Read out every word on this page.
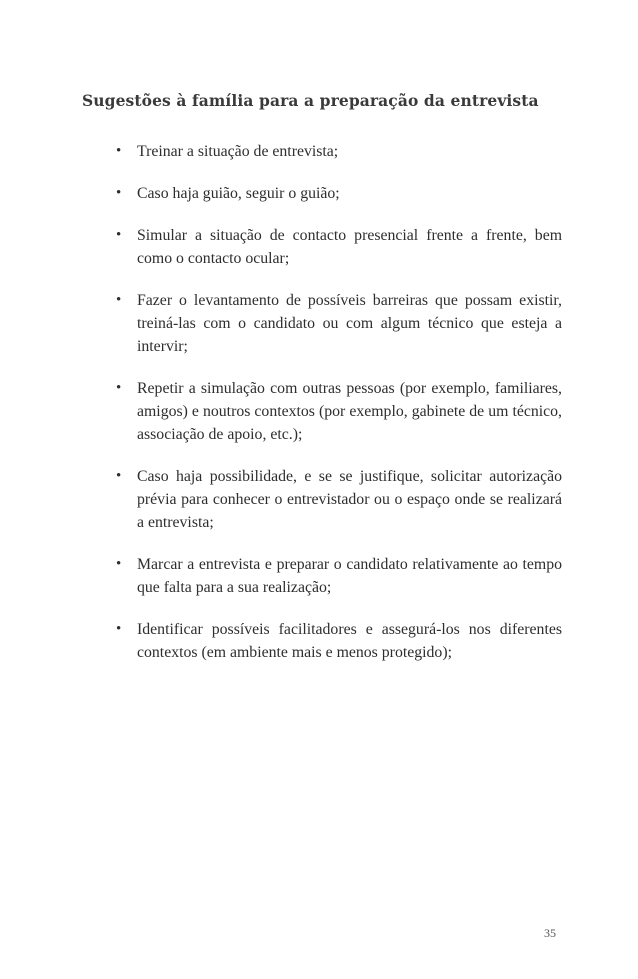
Sugestões à família para a preparação da entrevista
• Treinar a situação de entrevista;
• Caso haja guião, seguir o guião;
• Simular a situação de contacto presencial frente a frente, bem como o contacto ocular;
• Fazer o levantamento de possíveis barreiras que possam existir, treiná-las com o candidato ou com algum técnico que esteja a intervir;
• Repetir a simulação com outras pessoas (por exemplo, familiares, amigos) e noutros contextos (por exemplo, gabinete de um técnico, associação de apoio, etc.);
• Caso haja possibilidade, e se se justifique, solicitar autorização prévia para conhecer o entrevistador ou o espaço onde se realizará a entrevista;
• Marcar a entrevista e preparar o candidato relativamente ao tempo que falta para a sua realização;
• Identificar possíveis facilitadores e assegurá-los nos diferentes contextos (em ambiente mais e menos protegido);
35
